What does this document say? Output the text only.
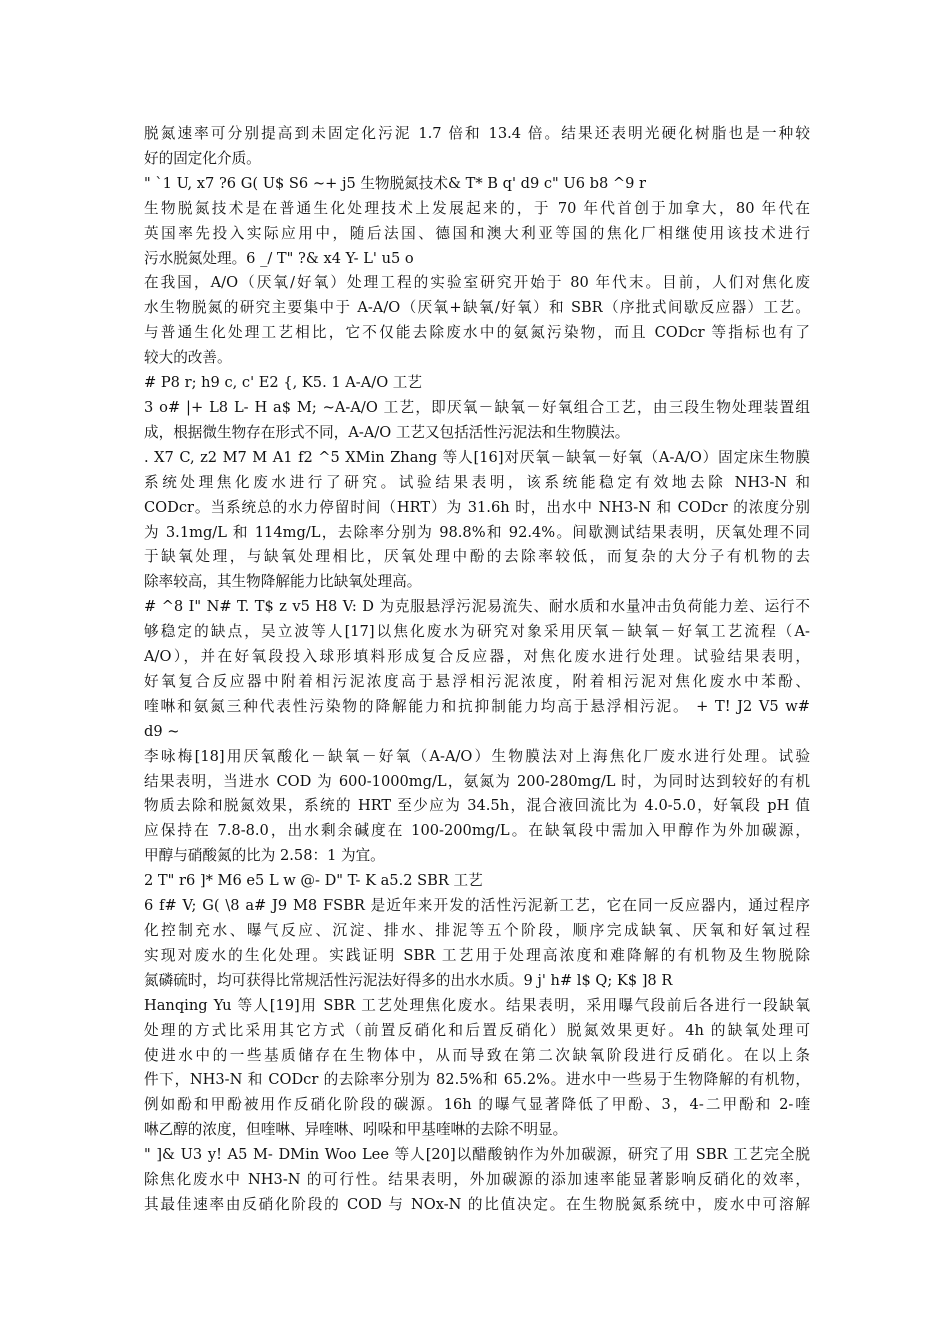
脱氮速率可分别提高到未固定化污泥 1.7 倍和 13.4 倍。结果还表明光硬化树脂也是一种较
好的固定化介质。
" `1 U, x7 ?6 G( U$ S6 ~+ j5 生物脱氮技术& T* B q' d9 c" U6 b8 ^9 r
生物脱氮技术是在普通生化处理技术上发展起来的，于 70 年代首创于加拿大，80 年代在
英国率先投入实际应用中，随后法国、德国和澳大利亚等国的焦化厂相继使用该技术进行
污水脱氮处理。6 _/ T" ?& x4 Y- L' u5 o
在我国，A/O（厌氧/好氧）处理工程的实验室研究开始于 80 年代末。目前，人们对焦化废
水生物脱氮的研究主要集中于 A-A/O（厌氧+缺氧/好氧）和 SBR（序批式间歇反应器）工艺。
与普通生化处理工艺相比，它不仅能去除废水中的氨氮污染物，而且 CODcr 等指标也有了
较大的改善。
# P8 r; h9 c, c' E2 {, K5. 1 A-A/O 工艺
3 o# |+ L8 L- H a$ M; ~A-A/O 工艺，即厌氧－缺氧－好氧组合工艺，由三段生物处理装置组
成，根据微生物存在形式不同，A-A/O 工艺又包括活性污泥法和生物膜法。
. X7 C, z2 M7 M A1 f2 ^5 XMin Zhang 等人[16]对厌氧－缺氧－好氧（A-A/O）固定床生物膜
系统处理焦化废水进行了研究。试验结果表明，该系统能稳定有效地去除 NH3-N 和
CODcr。当系统总的水力停留时间（HRT）为 31.6h 时，出水中 NH3-N 和 CODcr 的浓度分别
为 3.1mg/L 和 114mg/L，去除率分别为 98.8%和 92.4%。间歇测试结果表明，厌氧处理不同
于缺氧处理，与缺氧处理相比，厌氧处理中酚的去除率较低，而复杂的大分子有机物的去
除率较高，其生物降解能力比缺氧处理高。
# ^8 I" N# T. T$ z v5 H8 V: D 为克服悬浮污泥易流失、耐水质和水量冲击负荷能力差、运行不
够稳定的缺点，吴立波等人[17]以焦化废水为研究对象采用厌氧－缺氧－好氧工艺流程（A-
A/O），并在好氧段投入球形填料形成复合反应器，对焦化废水进行处理。试验结果表明，
好氧复合反应器中附着相污泥浓度高于悬浮相污泥浓度，附着相污泥对焦化废水中苯酚、
喹啉和氨氮三种代表性污染物的降解能力和抗抑制能力均高于悬浮相污泥。 + T! J2 V5 w#
d9 ~
李咏梅[18]用厌氧酸化－缺氧－好氧（A-A/O）生物膜法对上海焦化厂废水进行处理。试验
结果表明，当进水 COD 为 600-1000mg/L，氨氮为 200-280mg/L 时，为同时达到较好的有机
物质去除和脱氮效果，系统的 HRT 至少应为 34.5h，混合液回流比为 4.0-5.0，好氧段 pH 值
应保持在 7.8-8.0，出水剩余碱度在 100-200mg/L。在缺氧段中需加入甲醇作为外加碳源，
甲醇与硝酸氮的比为 2.58：1 为宜。
2 T" r6 ]* M6 e5 L w @- D" T- K a5.2 SBR 工艺
6 f# V; G( \8 a# J9 M8 FSBR 是近年来开发的活性污泥新工艺，它在同一反应器内，通过程序
化控制充水、曝气反应、沉淀、排水、排泥等五个阶段，顺序完成缺氧、厌氧和好氧过程
实现对废水的生化处理。实践证明 SBR 工艺用于处理高浓度和难降解的有机物及生物脱除
氮磷硫时，均可获得比常规活性污泥法好得多的出水水质。9 j' h# l$ Q; K$ ]8 R
Hanqing Yu 等人[19]用 SBR 工艺处理焦化废水。结果表明，采用曝气段前后各进行一段缺氧
处理的方式比采用其它方式（前置反硝化和后置反硝化）脱氮效果更好。4h 的缺氧处理可
使进水中的一些基质储存在生物体中，从而导致在第二次缺氧阶段进行反硝化。在以上条
件下，NH3-N 和 CODcr 的去除率分别为 82.5%和 65.2%。进水中一些易于生物降解的有机物，
例如酚和甲酚被用作反硝化阶段的碳源。16h 的曝气显著降低了甲酚、3，4-二甲酚和 2-喹
啉乙醇的浓度，但喹啉、异喹啉、吲哚和甲基喹啉的去除不明显。
" ]& U3 y! A5 M- DMin Woo Lee 等人[20]以醋酸钠作为外加碳源，研究了用 SBR 工艺完全脱
除焦化废水中 NH3-N 的可行性。结果表明，外加碳源的添加速率能显著影响反硝化的效率，
其最佳速率由反硝化阶段的 COD 与 NOx-N 的比值决定。在生物脱氮系统中，废水中可溶解
